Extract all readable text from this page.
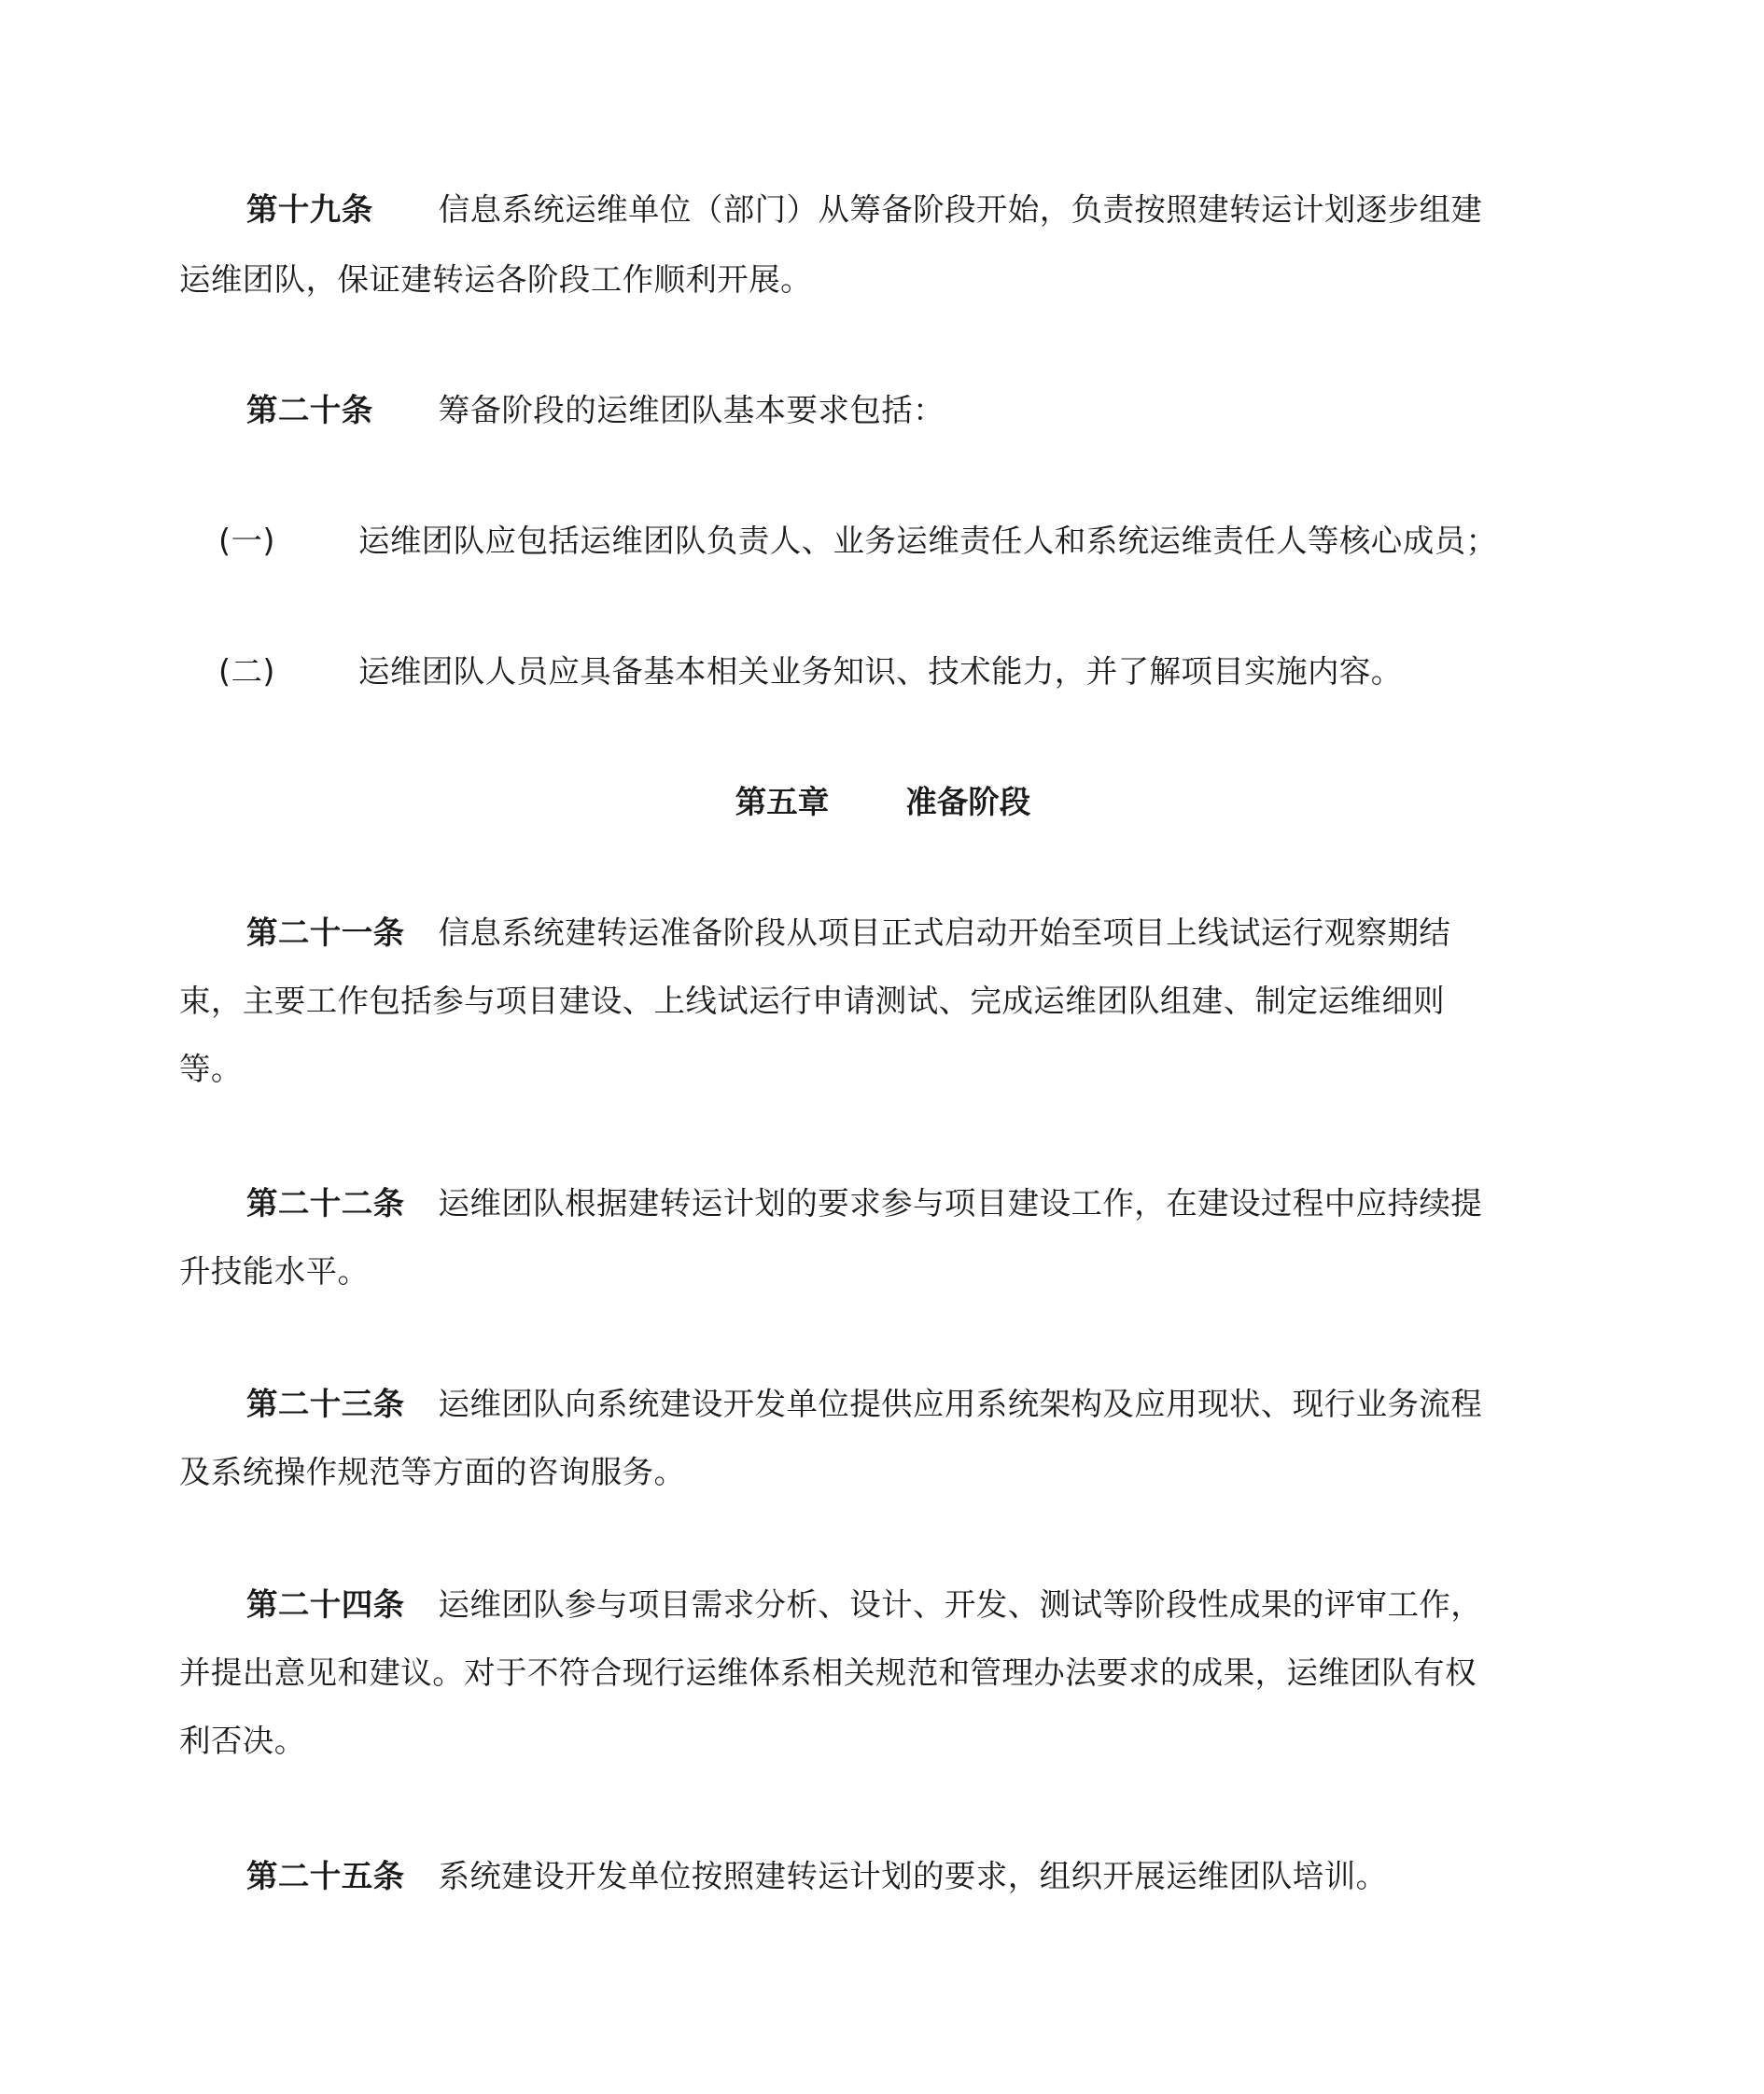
第十九条 信息系统运维单位（部门）从筹备阶段开始，负责按照建转运计划逐步组建
运维团队，保证建转运各阶段工作顺利开展。
第二十条 筹备阶段的运维团队基本要求包括：
(一)	运维团队应包括运维团队负责人、业务运维责任人和系统运维责任人等核心成员；
(二)	运维团队人员应具备基本相关业务知识、技术能力，并了解项目实施内容。
第五章 准备阶段
第二十一条 信息系统建转运准备阶段从项目正式启动开始至项目上线试运行观察期结
束，主要工作包括参与项目建设、上线试运行申请测试、完成运维团队组建、制定运维细则
等。
第二十二条 运维团队根据建转运计划的要求参与项目建设工作，在建设过程中应持续提
升技能水平。
第二十三条 运维团队向系统建设开发单位提供应用系统架构及应用现状、现行业务流程
及系统操作规范等方面的咨询服务。
第二十四条 运维团队参与项目需求分析、设计、开发、测试等阶段性成果的评审工作，
并提出意见和建议。对于不符合现行运维体系相关规范和管理办法要求的成果，运维团队有权
利否决。
第二十五条 系统建设开发单位按照建转运计划的要求，组织开展运维团队培训。
